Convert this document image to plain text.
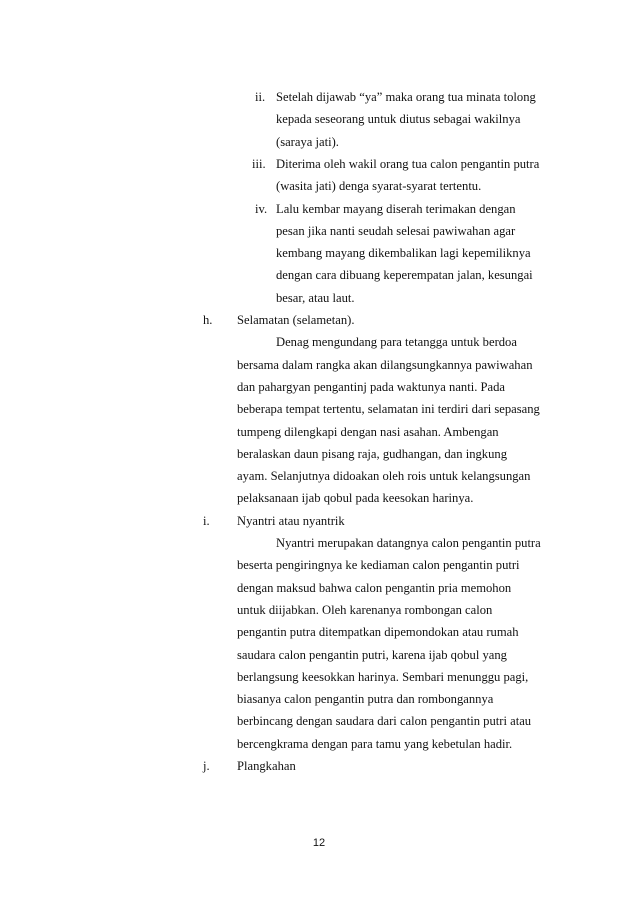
ii. Setelah dijawab “ya” maka orang tua minata tolong
kepada seseorang untuk diutus sebagai wakilnya
(saraya jati).
iii. Diterima oleh wakil orang tua calon pengantin putra
(wasita jati) denga syarat-syarat tertentu.
iv. Lalu kembar mayang diserah terimakan dengan
pesan jika nanti seudah selesai pawiwahan agar
kembang mayang dikembalikan lagi kepemiliknya
dengan cara dibuang keperempatan jalan, kesungai
besar, atau laut.
h. Selamatan (selametan).
Denag mengundang para tetangga untuk berdoa
bersama dalam rangka akan dilangsungkannya pawiwahan
dan pahargyan pengantinj pada waktunya nanti. Pada
beberapa tempat tertentu, selamatan ini terdiri dari sepasang
tumpeng dilengkapi dengan nasi asahan. Ambengan
beralaskan daun pisang raja, gudhangan, dan ingkung
ayam. Selanjutnya didoakan oleh rois untuk kelangsungan
pelaksanaan ijab qobul pada keesokan harinya.
i. Nyantri atau nyantrik
Nyantri merupakan datangnya calon pengantin putra
beserta pengiringnya ke kediaman calon pengantin putri
dengan maksud bahwa calon pengantin pria memohon
untuk diijabkan. Oleh karenanya rombongan calon
pengantin putra ditempatkan dipemondokan atau rumah
saudara calon pengantin putri, karena ijab qobul yang
berlangsung keesokkan harinya. Sembari menunggu pagi,
biasanya calon pengantin putra dan rombongannya
berbincang dengan saudara dari calon pengantin putri atau
bercengkrama dengan para tamu yang kebetulan hadir.
j. Plangkahan
12
